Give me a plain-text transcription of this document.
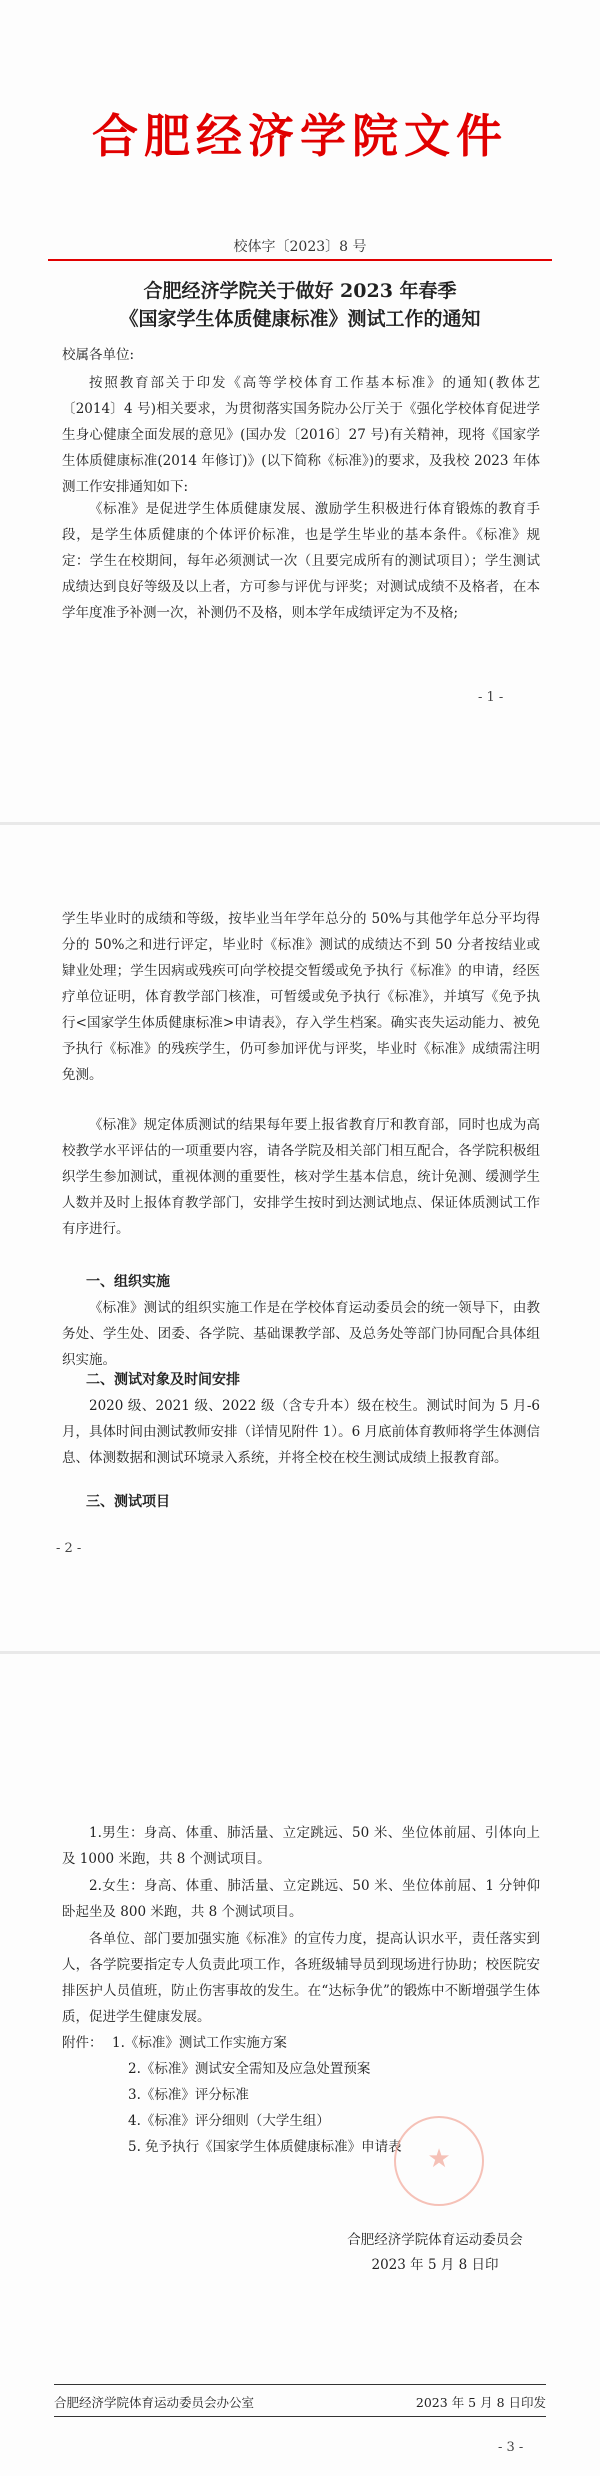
合肥经济学院文件
校体字〔2023〕8 号
合肥经济学院关于做好 2023 年春季
《国家学生体质健康标准》测试工作的通知

校属各单位:

按照教育部关于印发《高等学校体育工作基本标准》的通知(教体艺〔2014〕4 号)相关要求，为贯彻落实国务院办公厅关于《强化学校体育促进学生身心健康全面发展的意见》(国办发〔2016〕27 号)有关精神，现将《国家学生体质健康标准(2014 年修订)》(以下简称《标准》)的要求，及我校 2023 年体测工作安排通知如下:

《标准》是促进学生体质健康发展、激励学生积极进行体育锻炼的教育手段，是学生体质健康的个体评价标准，也是学生毕业的基本条件。《标准》规定：学生在校期间，每年必须测试一次（且要完成所有的测试项目）；学生测试成绩达到良好等级及以上者，方可参与评优与评奖；对测试成绩不及格者，在本学年度准予补测一次，补测仍不及格，则本学年成绩评定为不及格;

- 1 -

学生毕业时的成绩和等级，按毕业当年学年总分的 50%与其他学年总分平均得分的 50%之和进行评定，毕业时《标准》测试的成绩达不到 50 分者按结业或肄业处理；学生因病或残疾可向学校提交暂缓或免予执行《标准》的申请，经医疗单位证明，体育教学部门核准，可暂缓或免予执行《标准》，并填写《免予执行<国家学生体质健康标准>申请表》，存入学生档案。确实丧失运动能力、被免予执行《标准》的残疾学生，仍可参加评优与评奖，毕业时《标准》成绩需注明免测。

《标准》规定体质测试的结果每年要上报省教育厅和教育部，同时也成为高校教学水平评估的一项重要内容，请各学院及相关部门相互配合，各学院积极组织学生参加测试，重视体测的重要性，核对学生基本信息，统计免测、缓测学生人数并及时上报体育教学部门，安排学生按时到达测试地点、保证体质测试工作有序进行。

一、组织实施

《标准》测试的组织实施工作是在学校体育运动委员会的统一领导下，由教务处、学生处、团委、各学院、基础课教学部、及总务处等部门协同配合具体组织实施。

二、测试对象及时间安排

2020 级、2021 级、2022 级（含专升本）级在校生。测试时间为 5 月-6 月，具体时间由测试教师安排（详情见附件 1）。6 月底前体育教师将学生体测信息、体测数据和测试环境录入系统，并将全校在校生测试成绩上报教育部。

三、测试项目
- 2 -

1.男生：身高、体重、肺活量、立定跳远、50 米、坐位体前屈、引体向上及 1000 米跑，共 8 个测试项目。

2.女生：身高、体重、肺活量、立定跳远、50 米、坐位体前屈、1 分钟仰卧起坐及 800 米跑，共 8 个测试项目。

各单位、部门要加强实施《标准》的宣传力度，提高认识水平，责任落实到人，各学院要指定专人负责此项工作，各班级辅导员到现场进行协助；校医院安排医护人员值班，防止伤害事故的发生。在“达标争优”的锻炼中不断增强学生体质，促进学生健康发展。

附件： 1.《标准》测试工作实施方案
2.《标准》测试安全需知及应急处置预案
3.《标准》评分标准
4.《标准》评分细则（大学生组）
5. 免予执行《国家学生体质健康标准》申请表 ★
合肥经济学院体育运动委员会
2023 年 5 月 8 日印
合肥经济学院体育运动委员会办公室	2023 年 5 月 8 日印发
- 3 -
